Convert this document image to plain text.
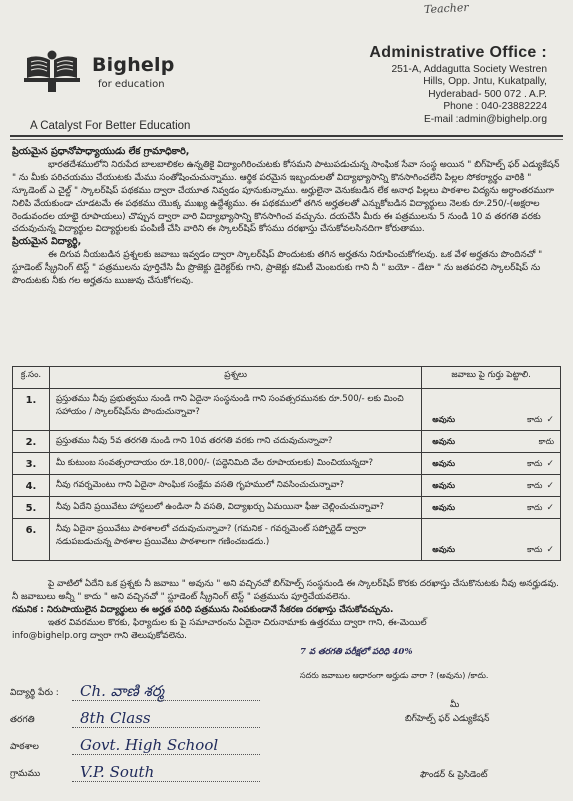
Teacher
Bighelp
for education
A Catalyst For Better Education
Administrative Office :
251-A, Addagutta Society Westren
Hills, Opp. Jntu, Kukatpally,
Hyderabad- 500 072 . A.P.
Phone : 040-23882224
E-mail :admin@bighelp.org
ప్రియమైన ప్రధానోపాధ్యాయుడు లేక గ్రామాధికారి,
భారతదేశములోని నిరుపేద బాలబాలికల ఉన్నతికై విద్యాంగిరించుటకు కోసమని పాటుపడుచున్న సాంఘిక సేవా సంస్థ అయిన " బిగ్‌హెల్ప్ ఫర్ ఎడ్యుకేషన్ " ను మీకు పరిచయము చేయుటకు మేము సంతోషించుచున్నాము. ఆర్థిక పరమైన ఇబ్బందులతో విద్యాభ్యాసాన్ని కొనసాగించలేని పిల్లల సోకర్యార్థం వారికి " స్కూడెంట్ ఎ చైల్డ్ " స్కాలర్‌షిప్ పథకము ద్వారా చేయూత నివ్వడం పూనుకున్నాము. అర్హులైనా వెనుకబడిన లేక అనాధ పిల్లలు పాఠశాల విద్యను అర్ధాంతరముగా నిలిపి వేయకుండా చూడటమే ఈ పథకము యొక్క ముఖ్య ఉద్దేశ్యము. ఈ పథకములో తగిన అర్హతలతో ఎన్నుకోబడిన విద్యార్థులు నెలకు రూ.250/-(అక్షరాల రెండువందల యాభై రూపాయలు) చొప్పున ద్వారా వారి విద్యాభ్యాసాన్ని కొనసాగించ వచ్చును. దయచేసి మీరు ఈ పత్రములను 5 నుండి 10 వ తరగతి వరకు చదువుచున్న విద్యార్థుల విద్యార్థులకు పంపిణీ చేసి వారిని ఈ స్కాలర్‌షిప్ కోసము దరఖాస్తు చేసుకోవలసినదిగా కోరుతాము.
ప్రియమైన విద్యార్థి,
ఈ దిగువ నీయబడిన ప్రశ్నలకు జవాబు ఇవ్వడం ద్వారా స్కాలర్‌షిప్ పొందుటకు తగిన అర్హతను నిరూపించుకోగలవు. ఒక వేళ అర్హతను పొందినచో " స్టూడెంట్ స్క్రీనింగ్ టెస్ట్ " పత్రములను పూర్తిచేసి మీ ప్రొజెక్టు డైరెక్టర్‌కు గాని, ప్రాజెక్టు కమిటీ మెంబరుకు గాని నీ " బయో - డేటా " ను జతపరచి స్కాలర్‌షిప్ ను పొందుటకు నీకు గల అర్హతను ఋజువు చేసుకోగలవు.
క్ర.సం.	ప్రశ్నలు	జవాబు పై గుర్తు పెట్టాలి.
1.	ప్రస్తుతము నీవు ప్రభుత్వము నుండి గాని ఏదైనా సంస్థనుండి గాని సంవత్సరమునకు రూ.500/- లకు మించి సహాయం / స్కాలర్‌షిప్‌ను పొందుచున్నావా?	అవును కాదు ✓

2.	ప్రస్తుతము నీవు 5వ తరగతి నుండి గాని 10వ తరగతి వరకు గాని చదువుచున్నావా?	అవును కాదు

3.	మీ కుటుంబ సంవత్సరాదాయం రూ.18,000/- (పద్దెనిమిది వేల రూపాయలకు) మించియున్నదా?	అవును కాదు ✓

4.	నీవు గవర్నమెంటు గాని ఏదైనా సాంఘిక సంక్షేమ వసతి గృహములో నివసించుచున్నావా?	అవును కాదు ✓

5.	నీవు ఏదేని ప్రయివేటు హాస్టలులో ఉండినా నీ వసతి, విద్యాఖర్చు ఏమయినా ఫీజు చెల్లించుచున్నావా?	అవును కాదు ✓

6.	నీవు ఏదైనా ప్రయివేటు పాఠశాలలో చదువుచున్నావా? (గమనిక - గవర్నమెంట్ సప్పోర్టెడ్ ద్వారా నడుపబడుచున్న పాఠశాల ప్రయివేటు పాఠశాలగా గణించబడదు.)	అవును కాదు ✓
పై వాటిలో ఏదేని ఒక ప్రశ్నకు నీ జవాబు " అవును " అని వచ్చినచో బిగ్‌హెల్ప్ సంస్థనుండి ఈ స్కాలర్‌షిప్ కొరకు దరఖాస్తు చేసుకొనుటకు నీవు అనర్హుడవు. నీ జవాబులు అన్నీ " కాదు " అని వచ్చినచో " స్టూడెంట్ స్క్రీనింగ్ టెస్ట్ " పత్రమును పూర్తిచేయవలెను.
గమనిక : నిరుపాయులైన విద్యార్థులు ఈ అర్హత పరిధి పత్రమును నింపకుండానే సేకరణ దరఖాస్తు చేసుకోవచ్చును.
ఇతర వివరముల కొరకు, ఫిర్యాదుల కు పై సమాచారంను ఏదైనా చిరునామాకు ఉత్తరము ద్వారా గాని, ఈ-మెయిల్
info@bighelp.org ద్వారా గాని తెలుపుకోవలెను.
7 వ తరగతి పరీక్షలో పరిధి 40%
సదరు జవాబుల ఆధారంగా అర్హుడు వారా ? (అవును) /కాదు.
విద్యార్థి పేరు : Ch. వాణి శర్మ
తరగతి	8th Class
పాఠశాల	Govt. High School
గ్రామము	V.P. South
మీ
బిగ్‌హెల్ప్ ఫర్ ఎడ్యుకేషన్
ఫౌండర్ & ప్రెసిడెంట్
